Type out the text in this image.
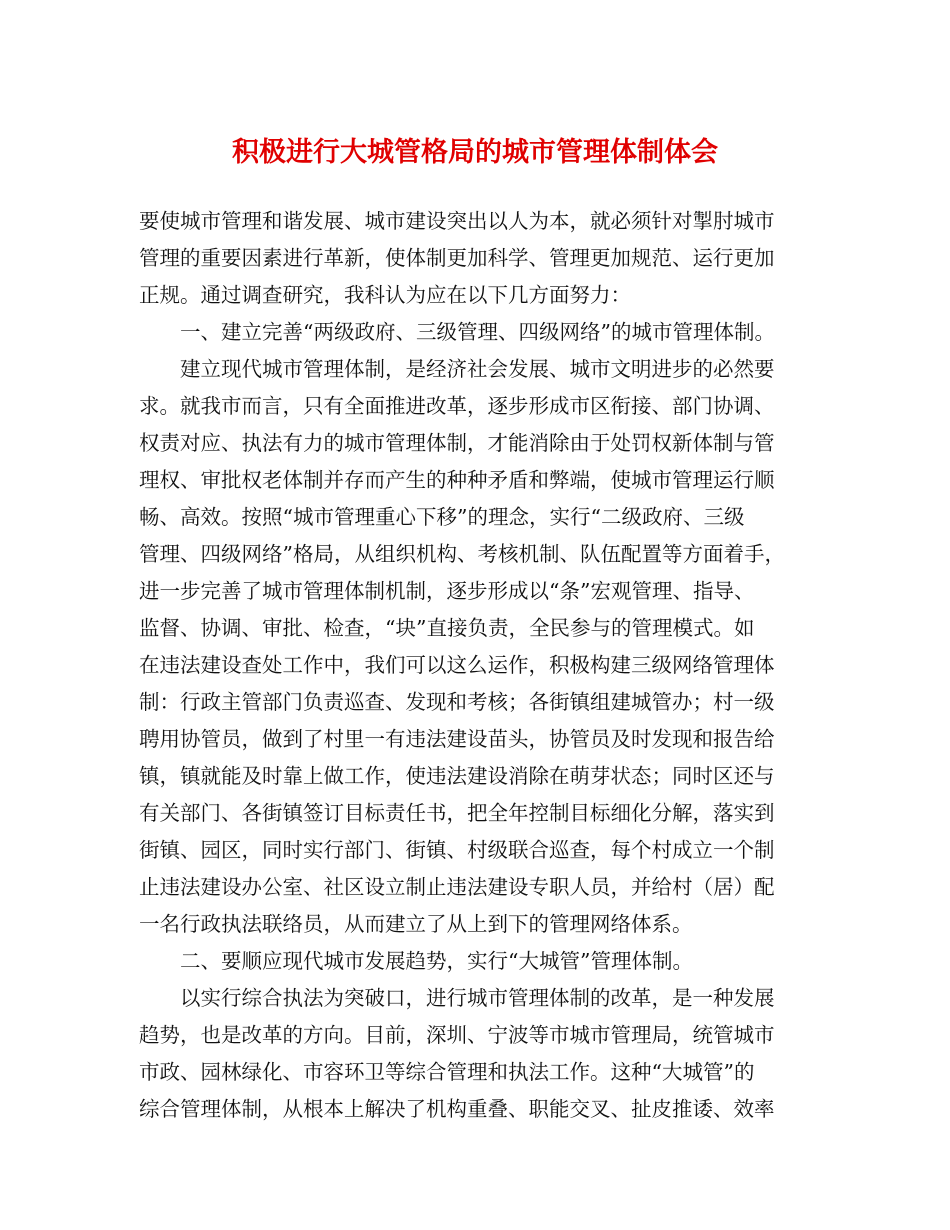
积极进行大城管格局的城市管理体制体会
要使城市管理和谐发展、城市建设突出以人为本，就必须针对掣肘城市
管理的重要因素进行革新，使体制更加科学、管理更加规范、运行更加
正规。通过调查研究，我科认为应在以下几方面努力：
一、建立完善“两级政府、三级管理、四级网络”的城市管理体制。
建立现代城市管理体制，是经济社会发展、城市文明进步的必然要
求。就我市而言，只有全面推进改革，逐步形成市区衔接、部门协调、
权责对应、执法有力的城市管理体制，才能消除由于处罚权新体制与管
理权、审批权老体制并存而产生的种种矛盾和弊端，使城市管理运行顺
畅、高效。按照“城市管理重心下移”的理念，实行“二级政府、三级
管理、四级网络”格局，从组织机构、考核机制、队伍配置等方面着手，
进一步完善了城市管理体制机制，逐步形成以“条”宏观管理、指导、
监督、协调、审批、检查，“块”直接负责，全民参与的管理模式。如
在违法建设查处工作中，我们可以这么运作，积极构建三级网络管理体
制：行政主管部门负责巡查、发现和考核；各街镇组建城管办；村一级
聘用协管员，做到了村里一有违法建设苗头，协管员及时发现和报告给
镇，镇就能及时靠上做工作，使违法建设消除在萌芽状态；同时区还与
有关部门、各街镇签订目标责任书，把全年控制目标细化分解，落实到
街镇、园区，同时实行部门、街镇、村级联合巡查，每个村成立一个制
止违法建设办公室、社区设立制止违法建设专职人员，并给村（居）配
一名行政执法联络员，从而建立了从上到下的管理网络体系。
二、要顺应现代城市发展趋势，实行“大城管”管理体制。
以实行综合执法为突破口，进行城市管理体制的改革，是一种发展
趋势，也是改革的方向。目前，深圳、宁波等市城市管理局，统管城市
市政、园林绿化、市容环卫等综合管理和执法工作。这种“大城管”的
综合管理体制，从根本上解决了机构重叠、职能交叉、扯皮推诿、效率
